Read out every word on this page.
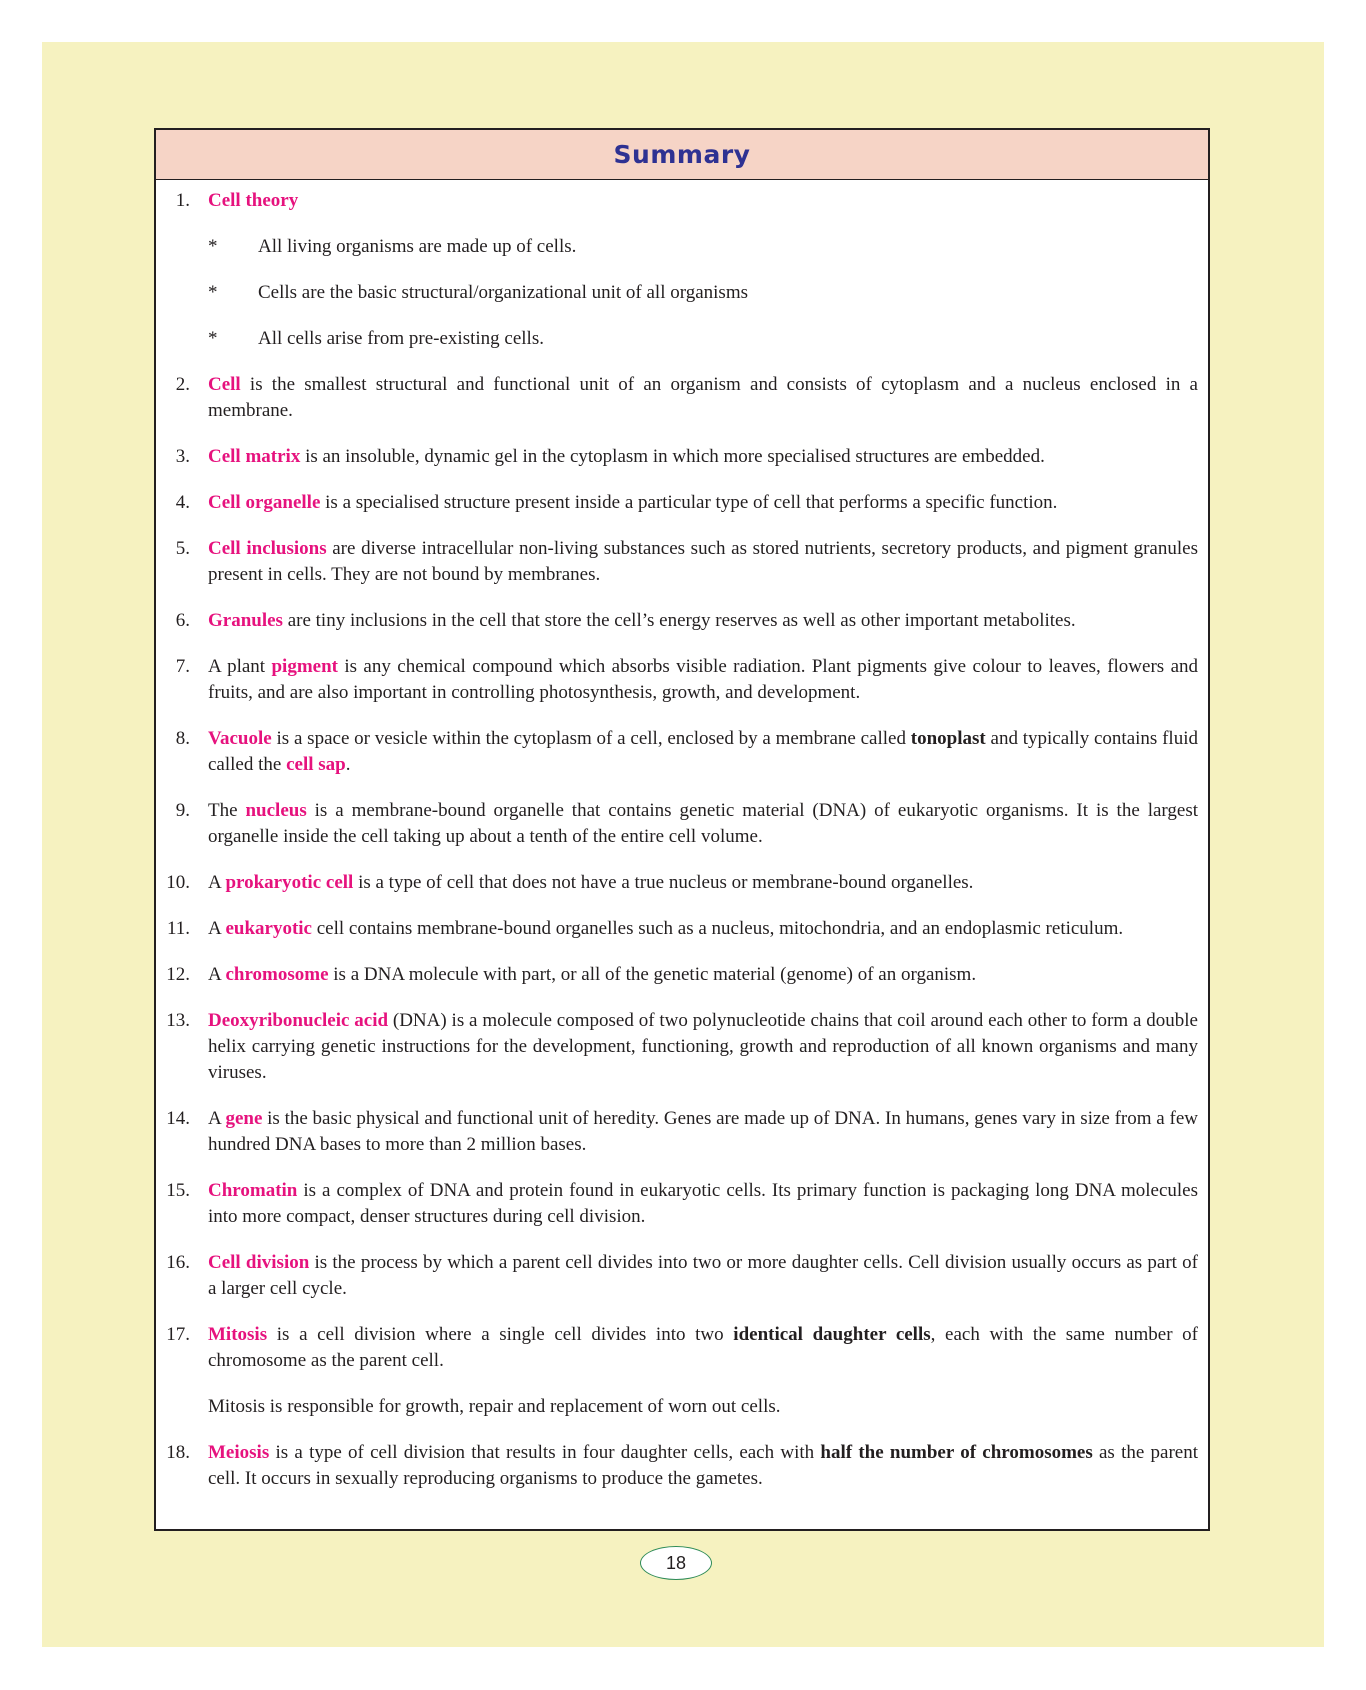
Summary
1. Cell theory
* All living organisms are made up of cells.
* Cells are the basic structural/organizational unit of all organisms
* All cells arise from pre-existing cells.
2. Cell is the smallest structural and functional unit of an organism and consists of cytoplasm and a nucleus enclosed in a membrane.
3. Cell matrix is an insoluble, dynamic gel in the cytoplasm in which more specialised structures are embedded.
4. Cell organelle is a specialised structure present inside a particular type of cell that performs a specific function.
5. Cell inclusions are diverse intracellular non-living substances such as stored nutrients, secretory products, and pigment granules present in cells. They are not bound by membranes.
6. Granules are tiny inclusions in the cell that store the cell’s energy reserves as well as other important metabolites.
7. A plant pigment is any chemical compound which absorbs visible radiation. Plant pigments give colour to leaves, flowers and fruits, and are also important in controlling photosynthesis, growth, and development.
8. Vacuole is a space or vesicle within the cytoplasm of a cell, enclosed by a membrane called tonoplast and typically contains fluid called the cell sap.
9. The nucleus is a membrane-bound organelle that contains genetic material (DNA) of eukaryotic organisms. It is the largest organelle inside the cell taking up about a tenth of the entire cell volume.
10. A prokaryotic cell is a type of cell that does not have a true nucleus or membrane-bound organelles.
11. A eukaryotic cell contains membrane-bound organelles such as a nucleus, mitochondria, and an endoplasmic reticulum.
12. A chromosome is a DNA molecule with part, or all of the genetic material (genome) of an organism.
13. Deoxyribonucleic acid (DNA) is a molecule composed of two polynucleotide chains that coil around each other to form a double helix carrying genetic instructions for the development, functioning, growth and reproduction of all known organisms and many viruses.
14. A gene is the basic physical and functional unit of heredity. Genes are made up of DNA. In humans, genes vary in size from a few hundred DNA bases to more than 2 million bases.
15. Chromatin is a complex of DNA and protein found in eukaryotic cells. Its primary function is packaging long DNA molecules into more compact, denser structures during cell division.
16. Cell division is the process by which a parent cell divides into two or more daughter cells. Cell division usually occurs as part of a larger cell cycle.
17. Mitosis is a cell division where a single cell divides into two identical daughter cells, each with the same number of chromosome as the parent cell.
Mitosis is responsible for growth, repair and replacement of worn out cells.
18. Meiosis is a type of cell division that results in four daughter cells, each with half the number of chromosomes as the parent cell. It occurs in sexually reproducing organisms to produce the gametes.
18
